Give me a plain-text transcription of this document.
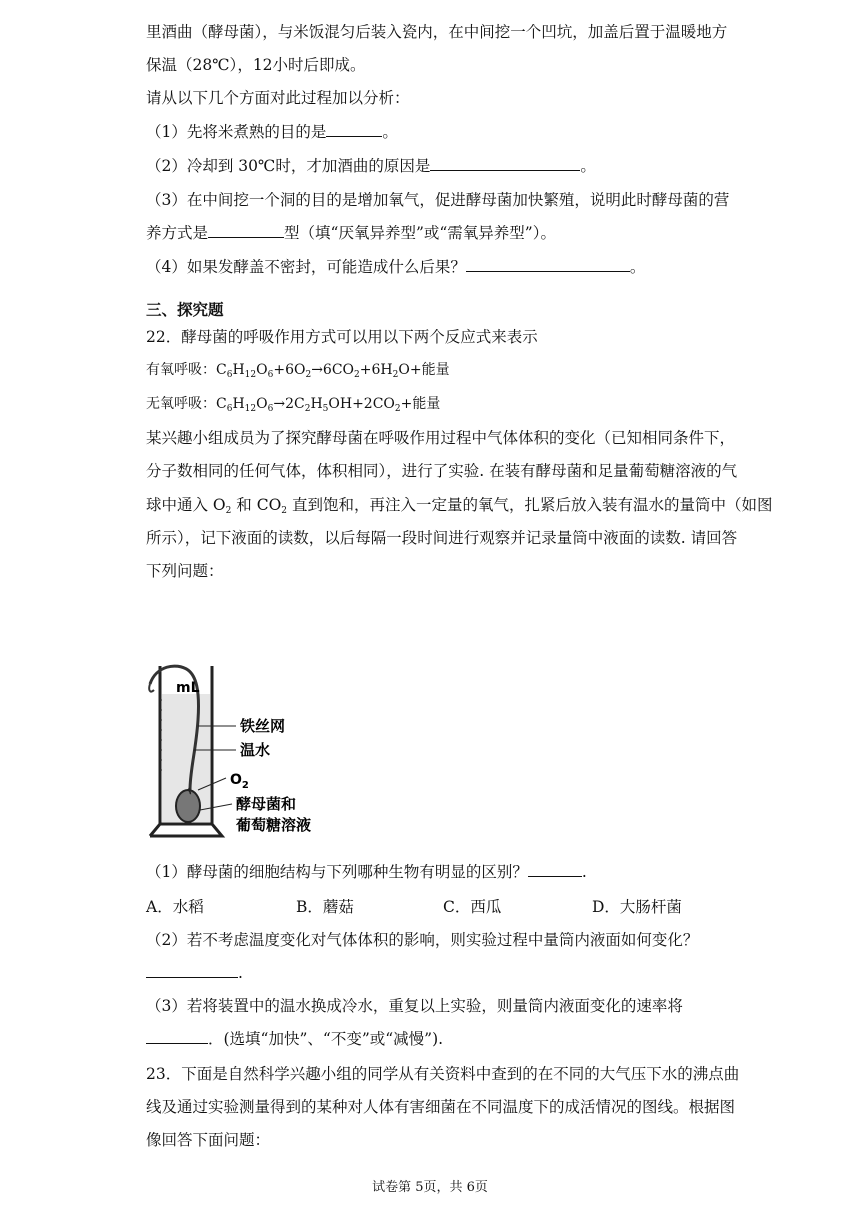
里酒曲（酵母菌），与米饭混匀后装入瓷内，在中间挖一个凹坑，加盖后置于温暖地方
保温（28℃），12小时后即成。
请从以下几个方面对此过程加以分析：
（1）先将米煮熟的目的是	。
（2）冷却到 30℃时，才加酒曲的原因是	。
（3）在中间挖一个洞的目的是增加氧气，促进酵母菌加快繁殖，说明此时酵母菌的营
养方式是	型（填“厌氧异养型”或“需氧异养型”）。
（4）如果发酵盖不密封，可能造成什么后果？	。
三、探究题
22．酵母菌的呼吸作用方式可以用以下两个反应式来表示
有氧呼吸：$C_6H_{12}O_6+6O_2\to 6CO_2+6H_2O+$能量
无氧呼吸：$C_6H_{12}O_6\to 2C_2H_5OH+2CO_2+$能量
某兴趣小组成员为了探究酵母菌在呼吸作用过程中气体体积的变化（已知相同条件下，
分子数相同的任何气体，体积相同），进行了实验. 在装有酵母菌和足量葡萄糖溶液的气
球中通入 $O_2$ 和 $CO_2$ 直到饱和，再注入一定量的氧气，扎紧后放入装有温水的量筒中（如图
所示），记下液面的读数，以后每隔一段时间进行观察并记录量筒中液面的读数. 请回答
下列问题：
mL
铁丝网
温水
$O_2$
酵母菌和
葡萄糖溶液
（1）酵母菌的细胞结构与下列哪种生物有明显的区别？	.
A．水稻	B．蘑菇	C．西瓜	D．大肠杆菌
（2）若不考虑温度变化对气体体积的影响，则实验过程中量筒内液面如何变化？
.
（3）若将装置中的温水换成冷水，重复以上实验，则量筒内液面变化的速率将
．(选填“加快”、“不变”或“减慢”).
23．下面是自然科学兴趣小组的同学从有关资料中查到的在不同的大气压下水的沸点曲
线及通过实验测量得到的某种对人体有害细菌在不同温度下的成活情况的图线。根据图
像回答下面问题：
试卷第 5页，共 6页
